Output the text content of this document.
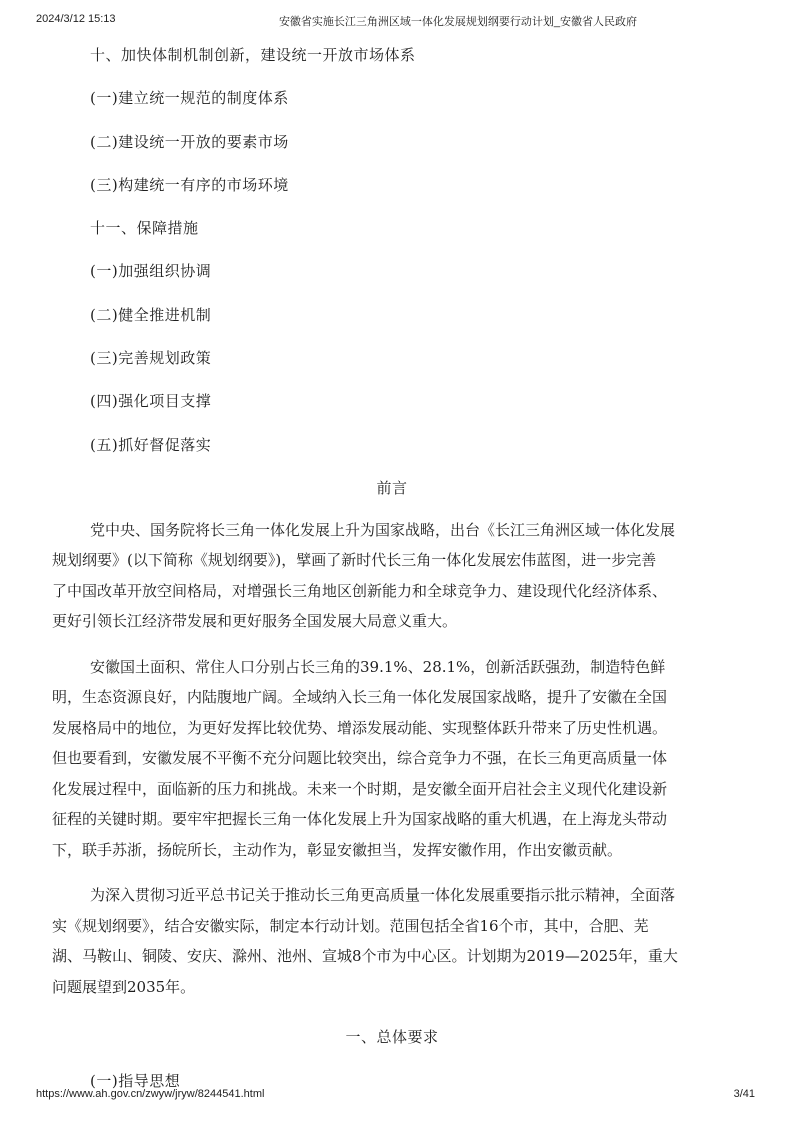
2024/3/12 15:13	安徽省实施长江三角洲区域一体化发展规划纲要行动计划_安徽省人民政府
十、加快体制机制创新，建设统一开放市场体系
(一)建立统一规范的制度体系
(二)建设统一开放的要素市场
(三)构建统一有序的市场环境
十一、保障措施
(一)加强组织协调
(二)健全推进机制
(三)完善规划政策
(四)强化项目支撑
(五)抓好督促落实
前言
党中央、国务院将长三角一体化发展上升为国家战略，出台《长江三角洲区域一体化发展
规划纲要》(以下简称《规划纲要》)，擘画了新时代长三角一体化发展宏伟蓝图，进一步完善
了中国改革开放空间格局，对增强长三角地区创新能力和全球竞争力、建设现代化经济体系、
更好引领长江经济带发展和更好服务全国发展大局意义重大。
安徽国土面积、常住人口分别占长三角的39.1%、28.1%，创新活跃强劲，制造特色鲜
明，生态资源良好，内陆腹地广阔。全域纳入长三角一体化发展国家战略，提升了安徽在全国
发展格局中的地位，为更好发挥比较优势、增添发展动能、实现整体跃升带来了历史性机遇。
但也要看到，安徽发展不平衡不充分问题比较突出，综合竞争力不强，在长三角更高质量一体
化发展过程中，面临新的压力和挑战。未来一个时期，是安徽全面开启社会主义现代化建设新
征程的关键时期。要牢牢把握长三角一体化发展上升为国家战略的重大机遇，在上海龙头带动
下，联手苏浙，扬皖所长，主动作为，彰显安徽担当，发挥安徽作用，作出安徽贡献。
为深入贯彻习近平总书记关于推动长三角更高质量一体化发展重要指示批示精神，全面落
实《规划纲要》，结合安徽实际，制定本行动计划。范围包括全省16个市，其中，合肥、芜
湖、马鞍山、铜陵、安庆、滁州、池州、宣城8个市为中心区。计划期为2019—2025年，重大
问题展望到2035年。
一、总体要求
(一)指导思想
https://www.ah.gov.cn/zwyw/jryw/8244541.html	3/41
